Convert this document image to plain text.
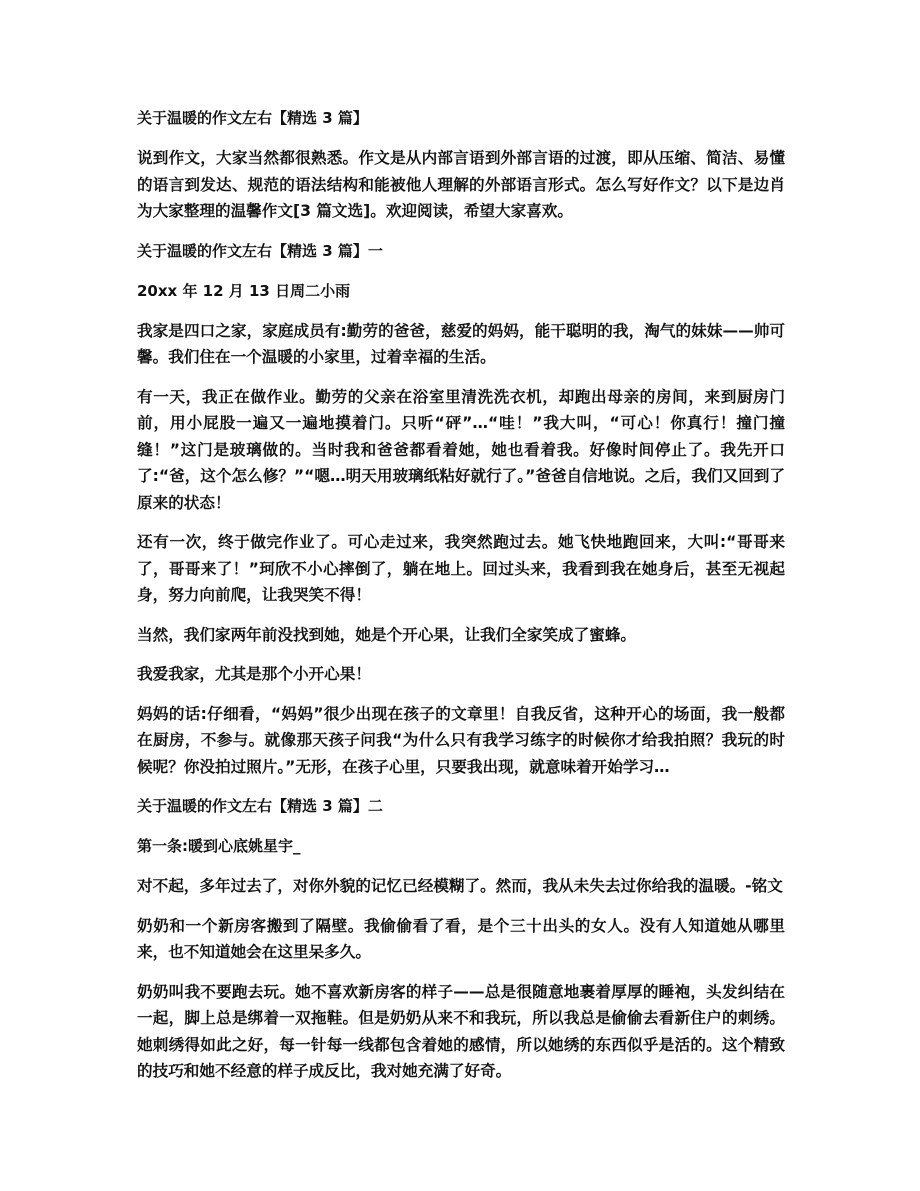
关于温暖的作文左右【精选 3 篇】

说到作文，大家当然都很熟悉。作文是从内部言语到外部言语的过渡，即从压缩、简洁、易懂的语言到发达、规范的语法结构和能被他人理解的外部语言形式。怎么写好作文？以下是边肖为大家整理的温馨作文[3 篇文选]。欢迎阅读，希望大家喜欢。

关于温暖的作文左右【精选 3 篇】一
20xx 年 12 月 13 日周二小雨

我家是四口之家，家庭成员有:勤劳的爸爸，慈爱的妈妈，能干聪明的我，淘气的妹妹——帅可馨。我们住在一个温暖的小家里，过着幸福的生活。

有一天，我正在做作业。勤劳的父亲在浴室里清洗洗衣机，却跑出母亲的房间，来到厨房门前，用小屁股一遍又一遍地摸着门。只听“砰”…“哇！”我大叫，“可心！你真行！撞门撞缝！”这门是玻璃做的。当时我和爸爸都看着她，她也看着我。好像时间停止了。我先开口了:“爸，这个怎么修？”“嗯…明天用玻璃纸粘好就行了。”爸爸自信地说。之后，我们又回到了原来的状态！

还有一次，终于做完作业了。可心走过来，我突然跑过去。她飞快地跑回来，大叫:“哥哥来了，哥哥来了！”珂欣不小心摔倒了，躺在地上。回过头来，我看到我在她身后，甚至无视起身，努力向前爬，让我哭笑不得！

当然，我们家两年前没找到她，她是个开心果，让我们全家笑成了蜜蜂。

我爱我家，尤其是那个小开心果！

妈妈的话:仔细看，“妈妈”很少出现在孩子的文章里！自我反省，这种开心的场面，我一般都在厨房，不参与。就像那天孩子问我“为什么只有我学习练字的时候你才给我拍照？我玩的时候呢？你没拍过照片。”无形，在孩子心里，只要我出现，就意味着开始学习…

关于温暖的作文左右【精选 3 篇】二
第一条:暖到心底姚星宇_

对不起，多年过去了，对你外貌的记忆已经模糊了。然而，我从未失去过你给我的温暖。-铭文

奶奶和一个新房客搬到了隔壁。我偷偷看了看，是个三十出头的女人。没有人知道她从哪里来，也不知道她会在这里呆多久。

奶奶叫我不要跑去玩。她不喜欢新房客的样子——总是很随意地裹着厚厚的睡袍，头发纠结在一起，脚上总是绑着一双拖鞋。但是奶奶从来不和我玩，所以我总是偷偷去看新住户的刺绣。她刺绣得如此之好，每一针每一线都包含着她的感情，所以她绣的东西似乎是活的。这个精致的技巧和她不经意的样子成反比，我对她充满了好奇。
